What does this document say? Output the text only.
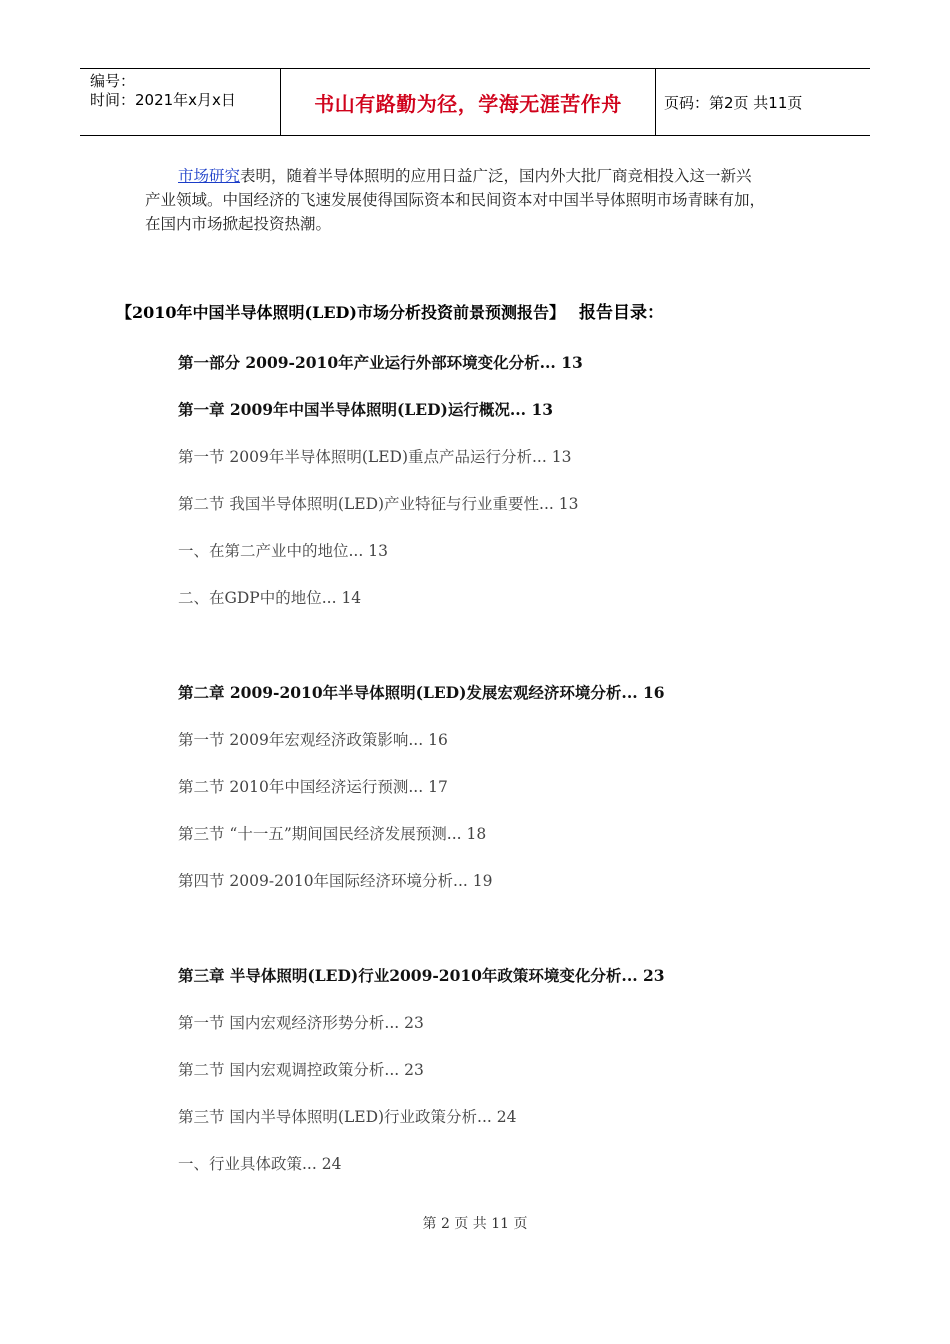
编号：
时间：2021年x月x日	书山有路勤为径，学海无涯苦作舟	页码：第2页 共11页
市场研究表明，随着半导体照明的应用日益广泛，国内外大批厂商竞相投入这一新兴
产业领域。中国经济的飞速发展使得国际资本和民间资本对中国半导体照明市场青睐有加，
在国内市场掀起投资热潮。
【2010年中国半导体照明(LED)市场分析投资前景预测报告】 报告目录：
第一部分 2009-2010年产业运行外部环境变化分析... 13
第一章 2009年中国半导体照明(LED)运行概况... 13
第一节 2009年半导体照明(LED)重点产品运行分析... 13
第二节 我国半导体照明(LED)产业特征与行业重要性... 13
一、在第二产业中的地位... 13
二、在GDP中的地位... 14
第二章 2009-2010年半导体照明(LED)发展宏观经济环境分析... 16
第一节 2009年宏观经济政策影响... 16
第二节 2010年中国经济运行预测... 17
第三节 “十一五”期间国民经济发展预测... 18
第四节 2009-2010年国际经济环境分析... 19
第三章 半导体照明(LED)行业2009-2010年政策环境变化分析... 23
第一节 国内宏观经济形势分析... 23
第二节 国内宏观调控政策分析... 23
第三节 国内半导体照明(LED)行业政策分析... 24
一、行业具体政策... 24
第 2 页 共 11 页
